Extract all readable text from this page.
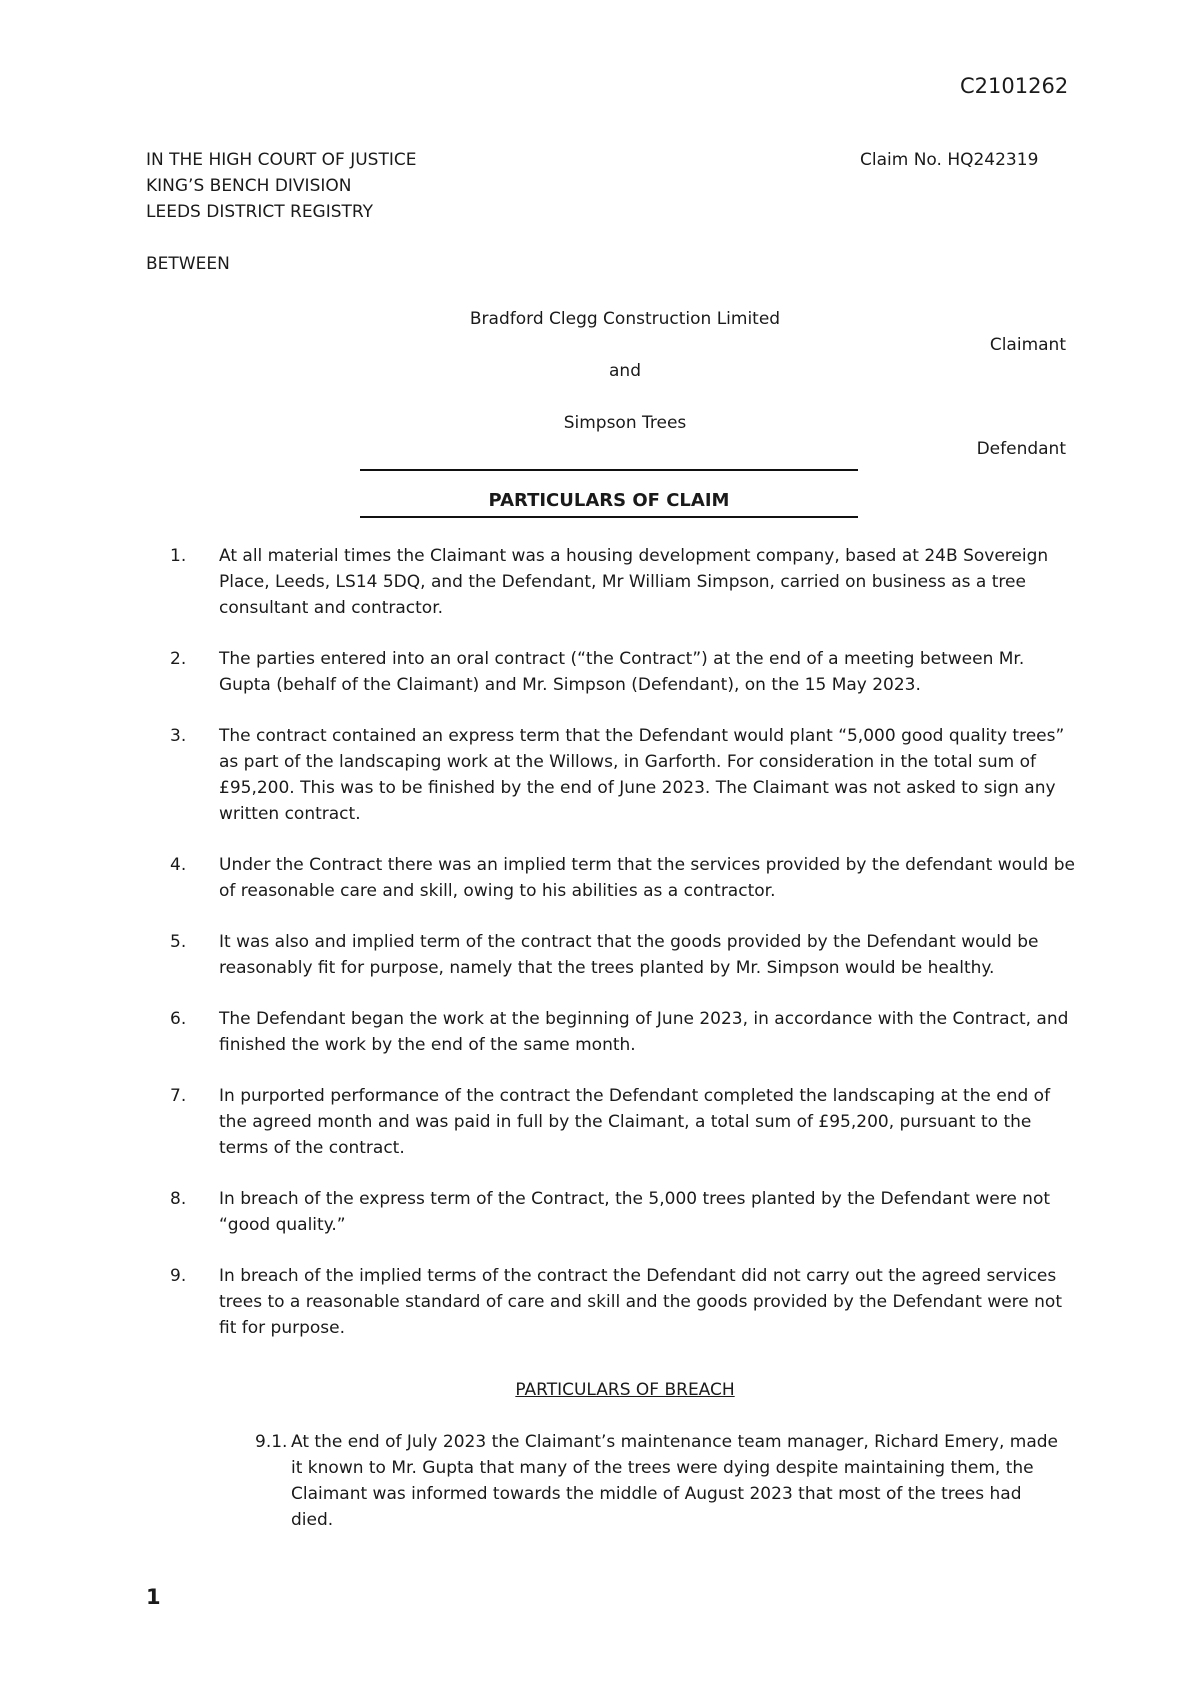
C2101262
IN THE HIGH COURT OF JUSTICE
KING’S BENCH DIVISION
LEEDS DISTRICT REGISTRY
Claim No. HQ242319
BETWEEN
Bradford Clegg Construction Limited
Claimant
and
Simpson Trees
Defendant
PARTICULARS OF CLAIM
1.	At all material times the Claimant was a housing development company, based at 24B Sovereign Place, Leeds, LS14 5DQ, and the Defendant, Mr William Simpson, carried on business as a tree consultant and contractor.
2.	The parties entered into an oral contract (“the Contract”) at the end of a meeting between Mr. Gupta (behalf of the Claimant) and Mr. Simpson (Defendant), on the 15 May 2023.
3.	The contract contained an express term that the Defendant would plant “5,000 good quality trees” as part of the landscaping work at the Willows, in Garforth. For consideration in the total sum of £95,200. This was to be finished by the end of June 2023. The Claimant was not asked to sign any written contract.
4.	Under the Contract there was an implied term that the services provided by the defendant would be of reasonable care and skill, owing to his abilities as a contractor.
5.	It was also and implied term of the contract that the goods provided by the Defendant would be reasonably fit for purpose, namely that the trees planted by Mr. Simpson would be healthy.
6.	The Defendant began the work at the beginning of June 2023, in accordance with the Contract, and finished the work by the end of the same month.
7.	In purported performance of the contract the Defendant completed the landscaping at the end of the agreed month and was paid in full by the Claimant, a total sum of £95,200, pursuant to the terms of the contract.
8.	In breach of the express term of the Contract, the 5,000 trees planted by the Defendant were not “good quality.”
9.	In breach of the implied terms of the contract the Defendant did not carry out the agreed services trees to a reasonable standard of care and skill and the goods provided by the Defendant were not fit for purpose.
PARTICULARS OF BREACH
9.1. At the end of July 2023 the Claimant’s maintenance team manager, Richard Emery, made it known to Mr. Gupta that many of the trees were dying despite maintaining them, the Claimant was informed towards the middle of August 2023 that most of the trees had died.
1
